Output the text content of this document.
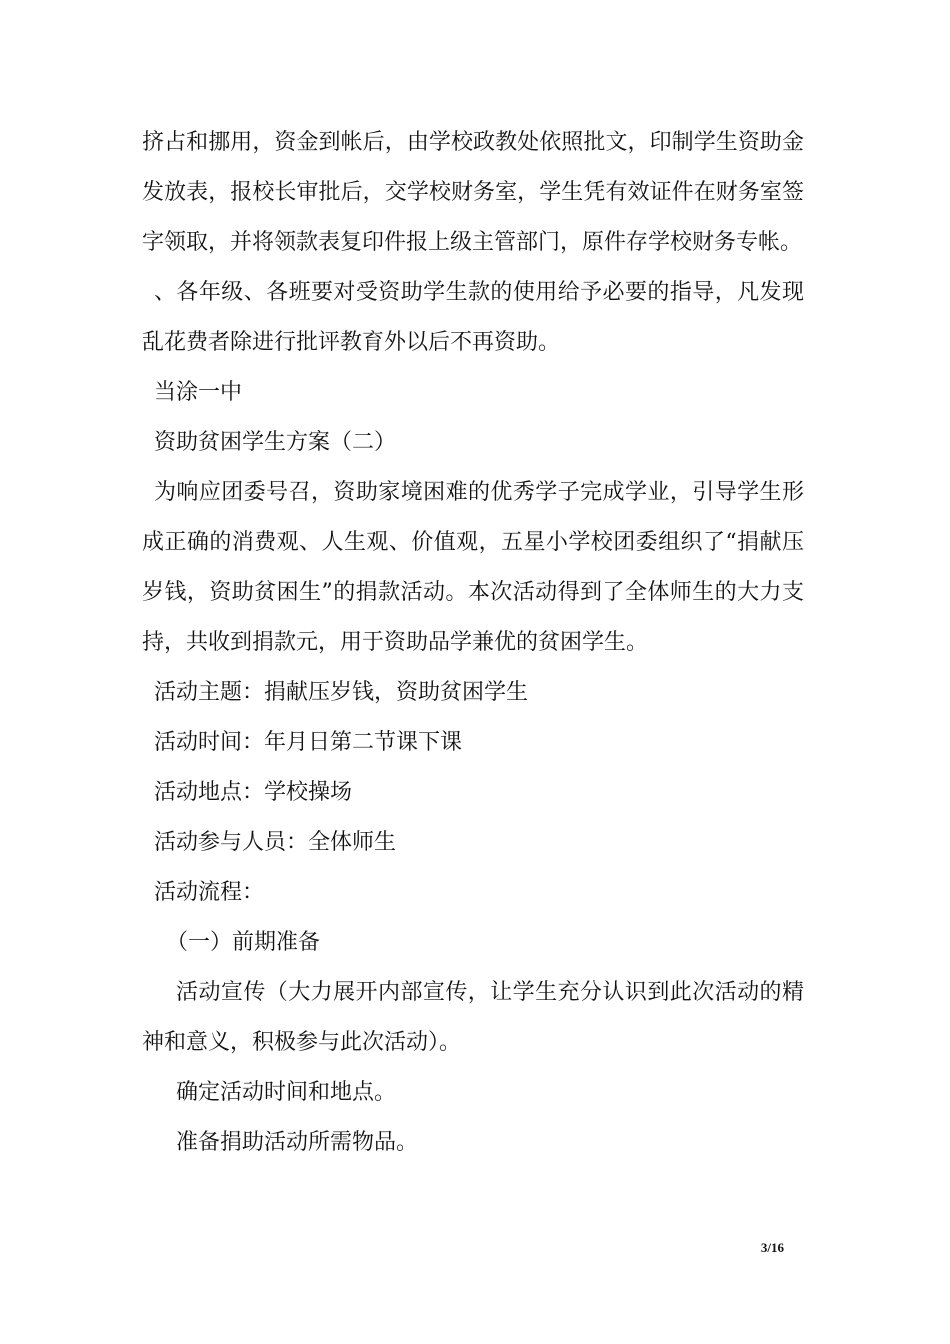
挤占和挪用，资金到帐后，由学校政教处依照批文，印制学生资助金发放表，报校长审批后，交学校财务室，学生凭有效证件在财务室签字领取，并将领款表复印件报上级主管部门，原件存学校财务专帐。

、各年级、各班要对受资助学生款的使用给予必要的指导，凡发现乱花费者除进行批评教育外以后不再资助。

当涂一中

资助贫困学生方案（二）

为响应团委号召，资助家境困难的优秀学子完成学业，引导学生形成正确的消费观、人生观、价值观，五星小学校团委组织了“捐献压岁钱，资助贫困生”的捐款活动。本次活动得到了全体师生的大力支持，共收到捐款元，用于资助品学兼优的贫困学生。

活动主题：捐献压岁钱，资助贫困学生

活动时间：年月日第二节课下课

活动地点：学校操场

活动参与人员：全体师生

活动流程：

（一）前期准备

活动宣传（大力展开内部宣传，让学生充分认识到此次活动的精神和意义，积极参与此次活动）。

确定活动时间和地点。

准备捐助活动所需物品。

3/16
